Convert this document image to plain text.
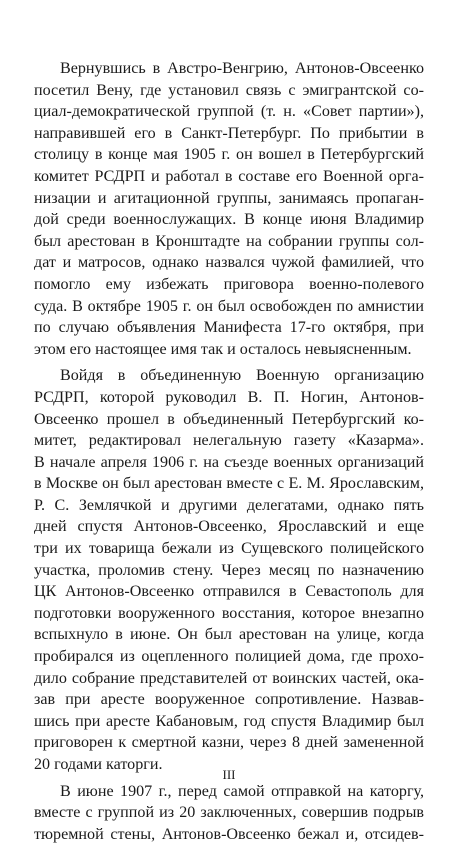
Вернувшись в Австро-Венгрию, Антонов-Овсеенко
посетил Вену, где установил связь с эмигрантской со-
циал-демократической группой (т. н. «Совет партии»),
направившей его в Санкт-Петербург. По прибытии в
столицу в конце мая 1905 г. он вошел в Петербургский
комитет РСДРП и работал в составе его Военной орга-
низации и агитационной группы, занимаясь пропаган-
дой среди военнослужащих. В конце июня Владимир
был арестован в Кронштадте на собрании группы сол-
дат и матросов, однако назвался чужой фамилией, что
помогло ему избежать приговора военно-полевого
суда. В октябре 1905 г. он был освобожден по амнистии
по случаю объявления Манифеста 17-го октября, при
этом его настоящее имя так и осталось невыясненным.

Войдя в объединенную Военную организацию
РСДРП, которой руководил В. П. Ногин, Антонов-
Овсеенко прошел в объединенный Петербургский ко-
митет, редактировал нелегальную газету «Казарма».
В начале апреля 1906 г. на съезде военных организаций
в Москве он был арестован вместе с Е. М. Ярославским,
Р. С. Землячкой и другими делегатами, однако пять
дней спустя Антонов-Овсеенко, Ярославский и еще
три их товарища бежали из Сущевского полицейского
участка, проломив стену. Через месяц по назначению
ЦК Антонов-Овсеенко отправился в Севастополь для
подготовки вооруженного восстания, которое внезапно
вспыхнуло в июне. Он был арестован на улице, когда
пробирался из оцепленного полицией дома, где прохо-
дило собрание представителей от воинских частей, ока-
зав при аресте вооруженное сопротивление. Назвав-
шись при аресте Кабановым, год спустя Владимир был
приговорен к смертной казни, через 8 дней замененной
20 годами каторги.

В июне 1907 г., перед самой отправкой на каторгу,
вместе с группой из 20 заключенных, совершив подрыв
тюремной стены, Антонов-Овсеенко бежал и, отсидев-

III
